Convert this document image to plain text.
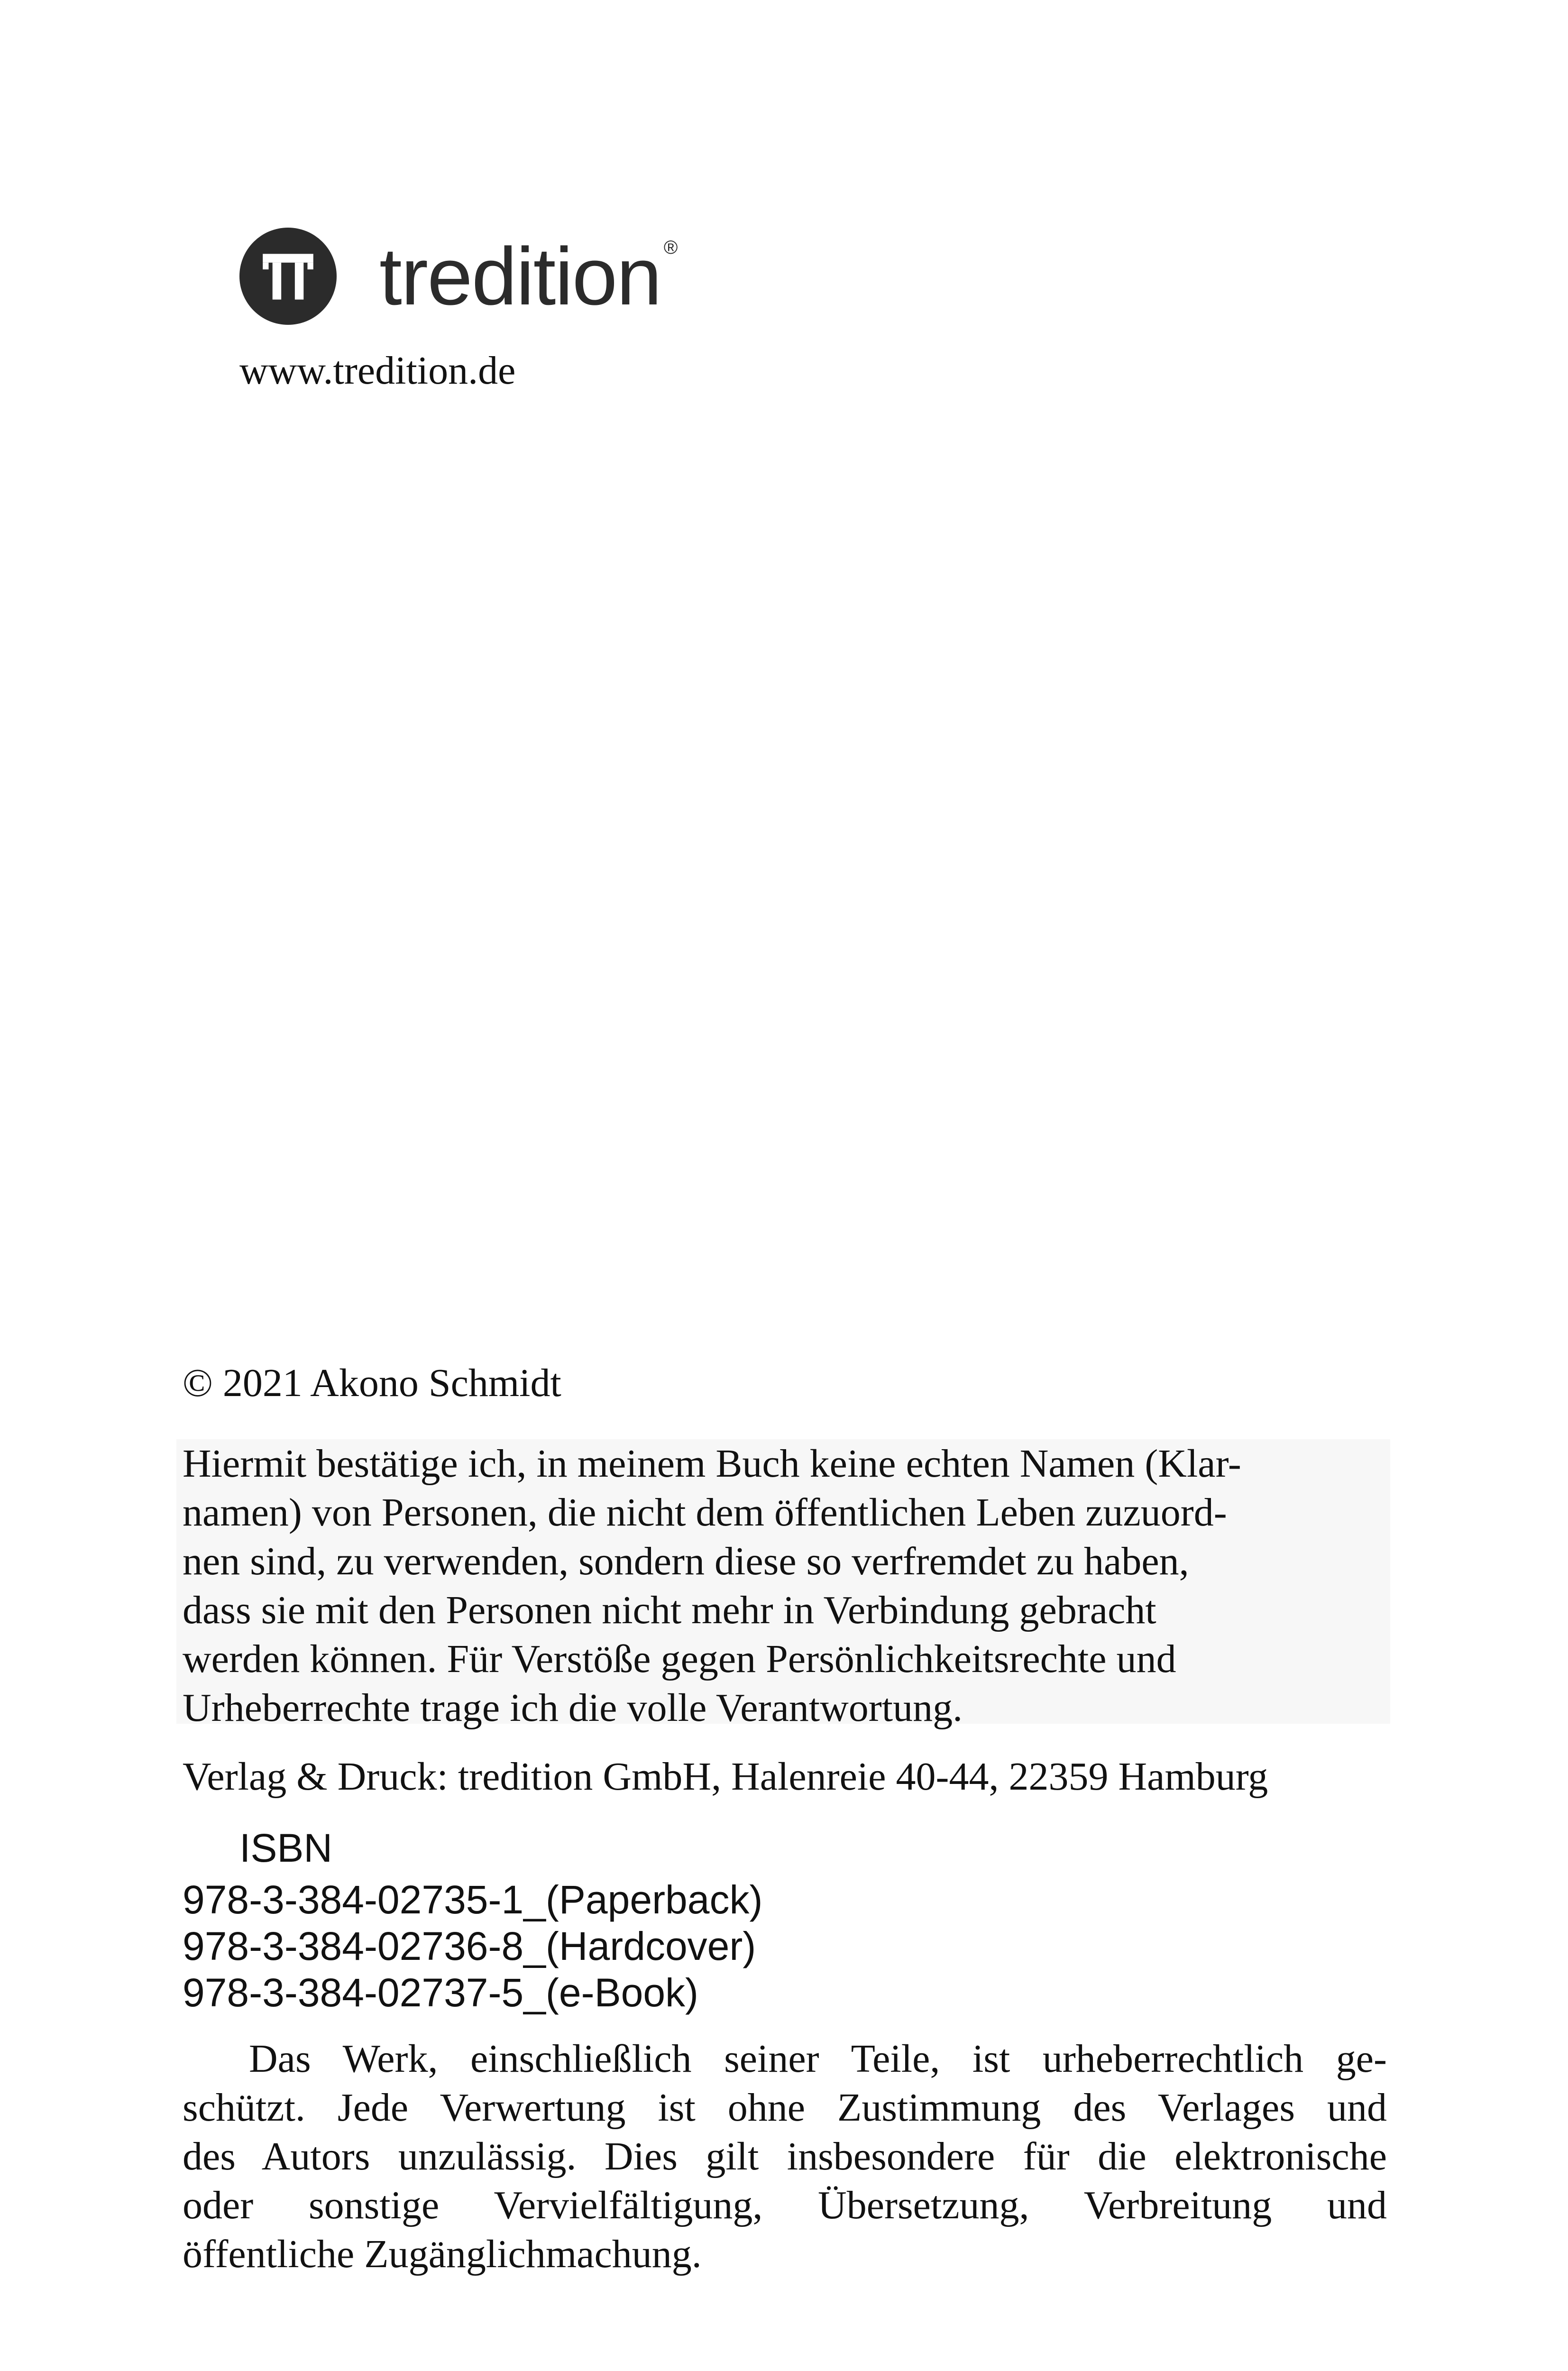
tredition ®
www.tredition.de
© 2021 Akono Schmidt
Hiermit bestätige ich, in meinem Buch keine echten Namen (Klar-
namen) von Personen, die nicht dem öffentlichen Leben zuzuord-
nen sind, zu verwenden, sondern diese so verfremdet zu haben,
dass sie mit den Personen nicht mehr in Verbindung gebracht
werden können. Für Verstöße gegen Persönlichkeitsrechte und
Urheberrechte trage ich die volle Verantwortung.
Verlag & Druck: tredition GmbH, Halenreie 40-44, 22359 Hamburg
ISBN
978-3-384-02735-1_(Paperback)
978-3-384-02736-8_(Hardcover)
978-3-384-02737-5_(e-Book)
Das Werk, einschließlich seiner Teile, ist urheberrechtlich ge-
schützt. Jede Verwertung ist ohne Zustimmung des Verlages und
des Autors unzulässig. Dies gilt insbesondere für die elektronische
oder sonstige Vervielfältigung, Übersetzung, Verbreitung und
öffentliche Zugänglichmachung.
